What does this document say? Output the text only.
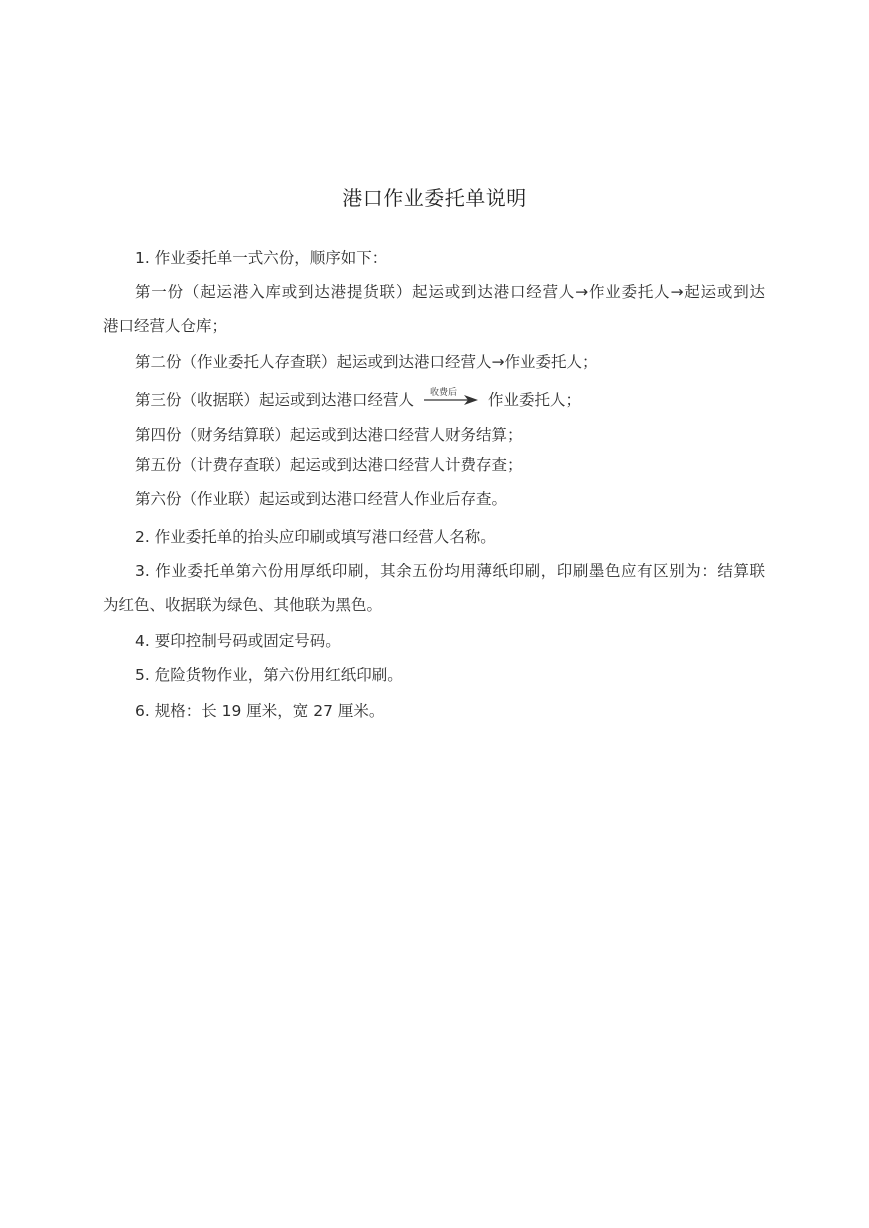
港口作业委托单说明
1. 作业委托单一式六份，顺序如下：
第一份（起运港入库或到达港提货联）起运或到达港口经营人→作业委托人→起运或到达
港口经营人仓库；
第二份（作业委托人存查联）起运或到达港口经营人→作业委托人；
第三份（收据联）起运或到达港口经营人 收费后 作业委托人；
第四份（财务结算联）起运或到达港口经营人财务结算；
第五份（计费存查联）起运或到达港口经营人计费存查；
第六份（作业联）起运或到达港口经营人作业后存查。
2. 作业委托单的抬头应印刷或填写港口经营人名称。
3. 作业委托单第六份用厚纸印刷，其余五份均用薄纸印刷，印刷墨色应有区别为：结算联
为红色、收据联为绿色、其他联为黑色。
4. 要印控制号码或固定号码。
5. 危险货物作业，第六份用红纸印刷。
6. 规格：长 19 厘米，宽 27 厘米。
